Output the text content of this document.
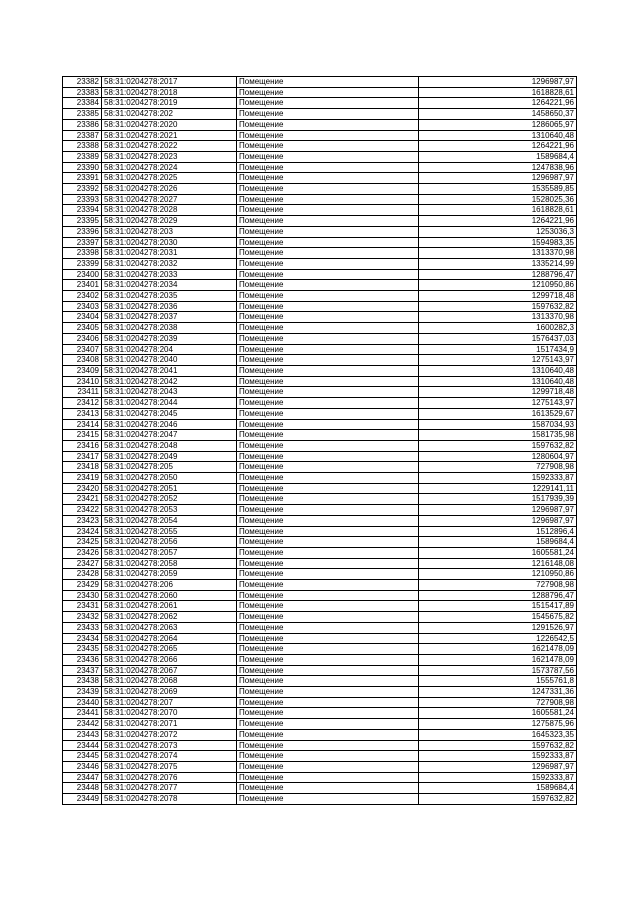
23382	58:31:0204278:2017	Помещение	1296987,97
23383	58:31:0204278:2018	Помещение	1618828,61
23384	58:31:0204278:2019	Помещение	1264221,96
23385	58:31:0204278:202	Помещение	1458650,37
23386	58:31:0204278:2020	Помещение	1286065,97
23387	58:31:0204278:2021	Помещение	1310640,48
23388	58:31:0204278:2022	Помещение	1264221,96
23389	58:31:0204278:2023	Помещение	1589684,4
23390	58:31:0204278:2024	Помещение	1247838,96
23391	58:31:0204278:2025	Помещение	1296987,97
23392	58:31:0204278:2026	Помещение	1535589,85
23393	58:31:0204278:2027	Помещение	1528025,36
23394	58:31:0204278:2028	Помещение	1618828,61
23395	58:31:0204278:2029	Помещение	1264221,96
23396	58:31:0204278:203	Помещение	1253036,3
23397	58:31:0204278:2030	Помещение	1594983,35
23398	58:31:0204278:2031	Помещение	1313370,98
23399	58:31:0204278:2032	Помещение	1335214,99
23400	58:31:0204278:2033	Помещение	1288796,47
23401	58:31:0204278:2034	Помещение	1210950,86
23402	58:31:0204278:2035	Помещение	1299718,48
23403	58:31:0204278:2036	Помещение	1597632,82
23404	58:31:0204278:2037	Помещение	1313370,98
23405	58:31:0204278:2038	Помещение	1600282,3
23406	58:31:0204278:2039	Помещение	1576437,03
23407	58:31:0204278:204	Помещение	1517434,9
23408	58:31:0204278:2040	Помещение	1275143,97
23409	58:31:0204278:2041	Помещение	1310640,48
23410	58:31:0204278:2042	Помещение	1310640,48
23411	58:31:0204278:2043	Помещение	1299718,48
23412	58:31:0204278:2044	Помещение	1275143,97
23413	58:31:0204278:2045	Помещение	1613529,67
23414	58:31:0204278:2046	Помещение	1587034,93
23415	58:31:0204278:2047	Помещение	1581735,98
23416	58:31:0204278:2048	Помещение	1597632,82
23417	58:31:0204278:2049	Помещение	1280604,97
23418	58:31:0204278:205	Помещение	727908,98
23419	58:31:0204278:2050	Помещение	1592333,87
23420	58:31:0204278:2051	Помещение	1229141,11
23421	58:31:0204278:2052	Помещение	1517939,39
23422	58:31:0204278:2053	Помещение	1296987,97
23423	58:31:0204278:2054	Помещение	1296987,97
23424	58:31:0204278:2055	Помещение	1512896,4
23425	58:31:0204278:2056	Помещение	1589684,4
23426	58:31:0204278:2057	Помещение	1605581,24
23427	58:31:0204278:2058	Помещение	1216148,08
23428	58:31:0204278:2059	Помещение	1210950,86
23429	58:31:0204278:206	Помещение	727908,98
23430	58:31:0204278:2060	Помещение	1288796,47
23431	58:31:0204278:2061	Помещение	1515417,89
23432	58:31:0204278:2062	Помещение	1545675,82
23433	58:31:0204278:2063	Помещение	1291526,97
23434	58:31:0204278:2064	Помещение	1226542,5
23435	58:31:0204278:2065	Помещение	1621478,09
23436	58:31:0204278:2066	Помещение	1621478,09
23437	58:31:0204278:2067	Помещение	1573787,56
23438	58:31:0204278:2068	Помещение	1555761,8
23439	58:31:0204278:2069	Помещение	1247331,36
23440	58:31:0204278:207	Помещение	727908,98
23441	58:31:0204278:2070	Помещение	1605581,24
23442	58:31:0204278:2071	Помещение	1275875,96
23443	58:31:0204278:2072	Помещение	1645323,35
23444	58:31:0204278:2073	Помещение	1597632,82
23445	58:31:0204278:2074	Помещение	1592333,87
23446	58:31:0204278:2075	Помещение	1296987,97
23447	58:31:0204278:2076	Помещение	1592333,87
23448	58:31:0204278:2077	Помещение	1589684,4
23449	58:31:0204278:2078	Помещение	1597632,82
